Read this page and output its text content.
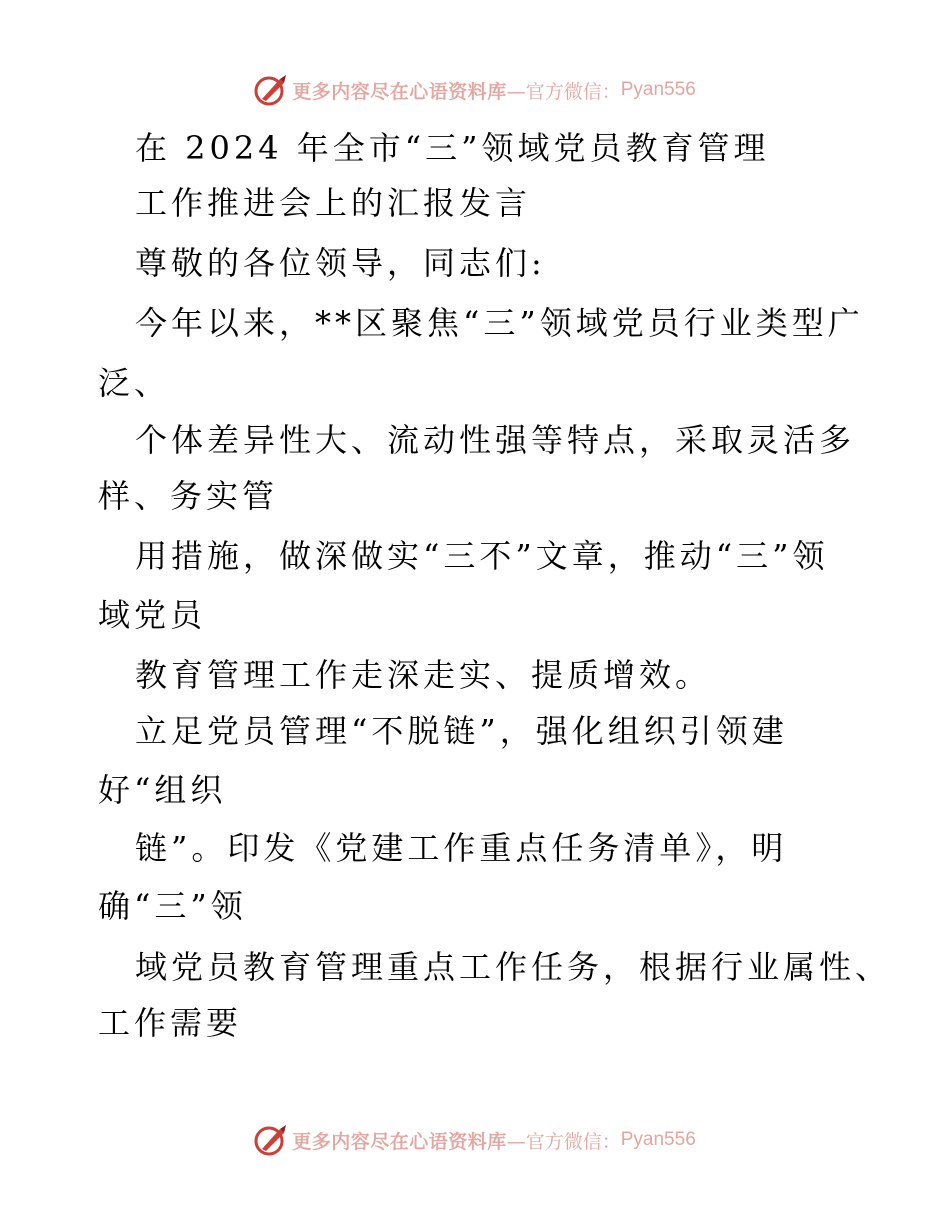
更多内容尽在心语资料库 —官方微信： Pyan556
在 2024 年全市“三”领域党员教育管理
工作推进会上的汇报发言
尊敬的各位领导，同志们:
今年以来，**区聚焦“三”领域党员行业类型广
泛、
个体差异性大、流动性强等特点，采取灵活多
样、务实管
用措施，做深做实“三不”文章，推动“三”领
域党员
教育管理工作走深走实、提质增效。
立足党员管理“不脱链”，强化组织引领建
好“组织
链”。印发《党建工作重点任务清单》，明
确“三”领
域党员教育管理重点工作任务，根据行业属性、
工作需要
更多内容尽在心语资料库 —官方微信： Pyan556
